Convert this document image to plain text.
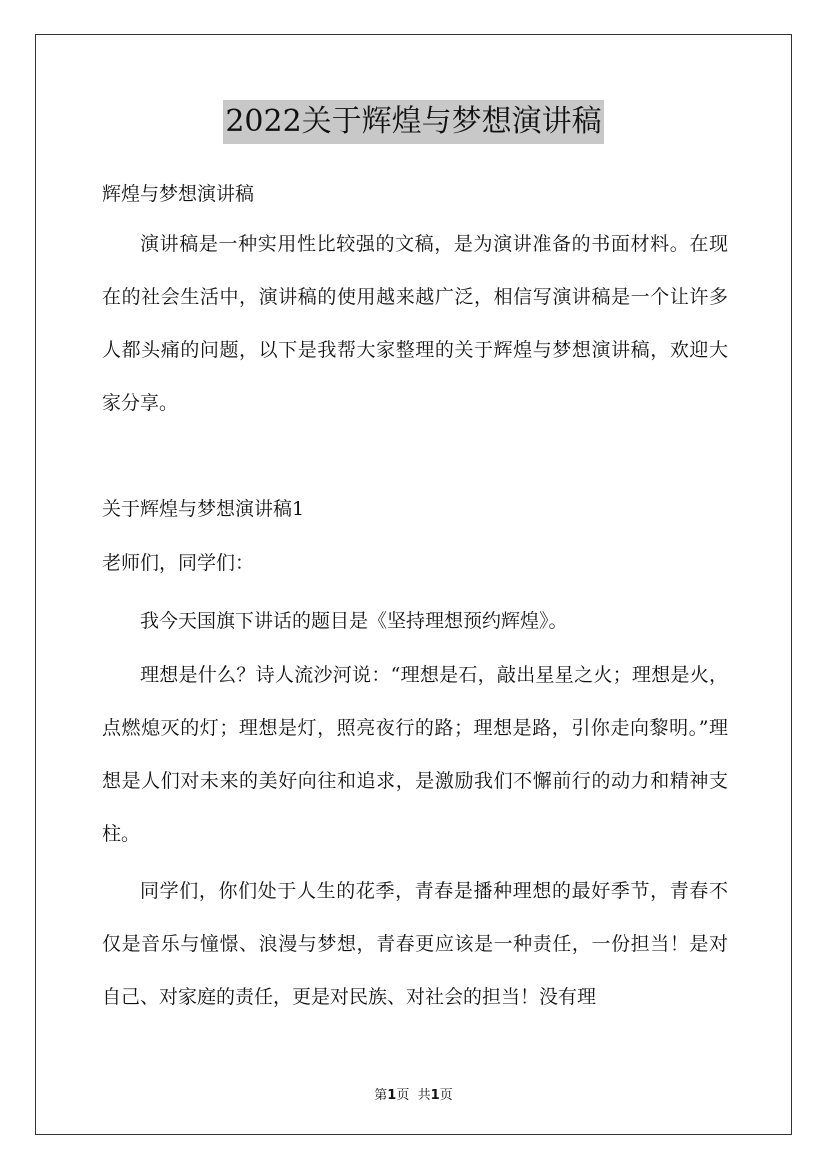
2022关于辉煌与梦想演讲稿

辉煌与梦想演讲稿

演讲稿是一种实用性比较强的文稿，是为演讲准备的书面材料。在现在的社会生活中，演讲稿的使用越来越广泛，相信写演讲稿是一个让许多人都头痛的问题，以下是我帮大家整理的关于辉煌与梦想演讲稿，欢迎大家分享。

关于辉煌与梦想演讲稿1

老师们，同学们：

我今天国旗下讲话的题目是《坚持理想预约辉煌》。

理想是什么？诗人流沙河说：“理想是石，敲出星星之火；理想是火，点燃熄灭的灯；理想是灯，照亮夜行的路；理想是路，引你走向黎明。”理想是人们对未来的美好向往和追求，是激励我们不懈前行的动力和精神支柱。

同学们，你们处于人生的花季，青春是播种理想的最好季节，青春不仅是音乐与憧憬、浪漫与梦想，青春更应该是一种责任，一份担当！是对自己、对家庭的责任，更是对民族、对社会的担当！没有理

第1页 共1页
